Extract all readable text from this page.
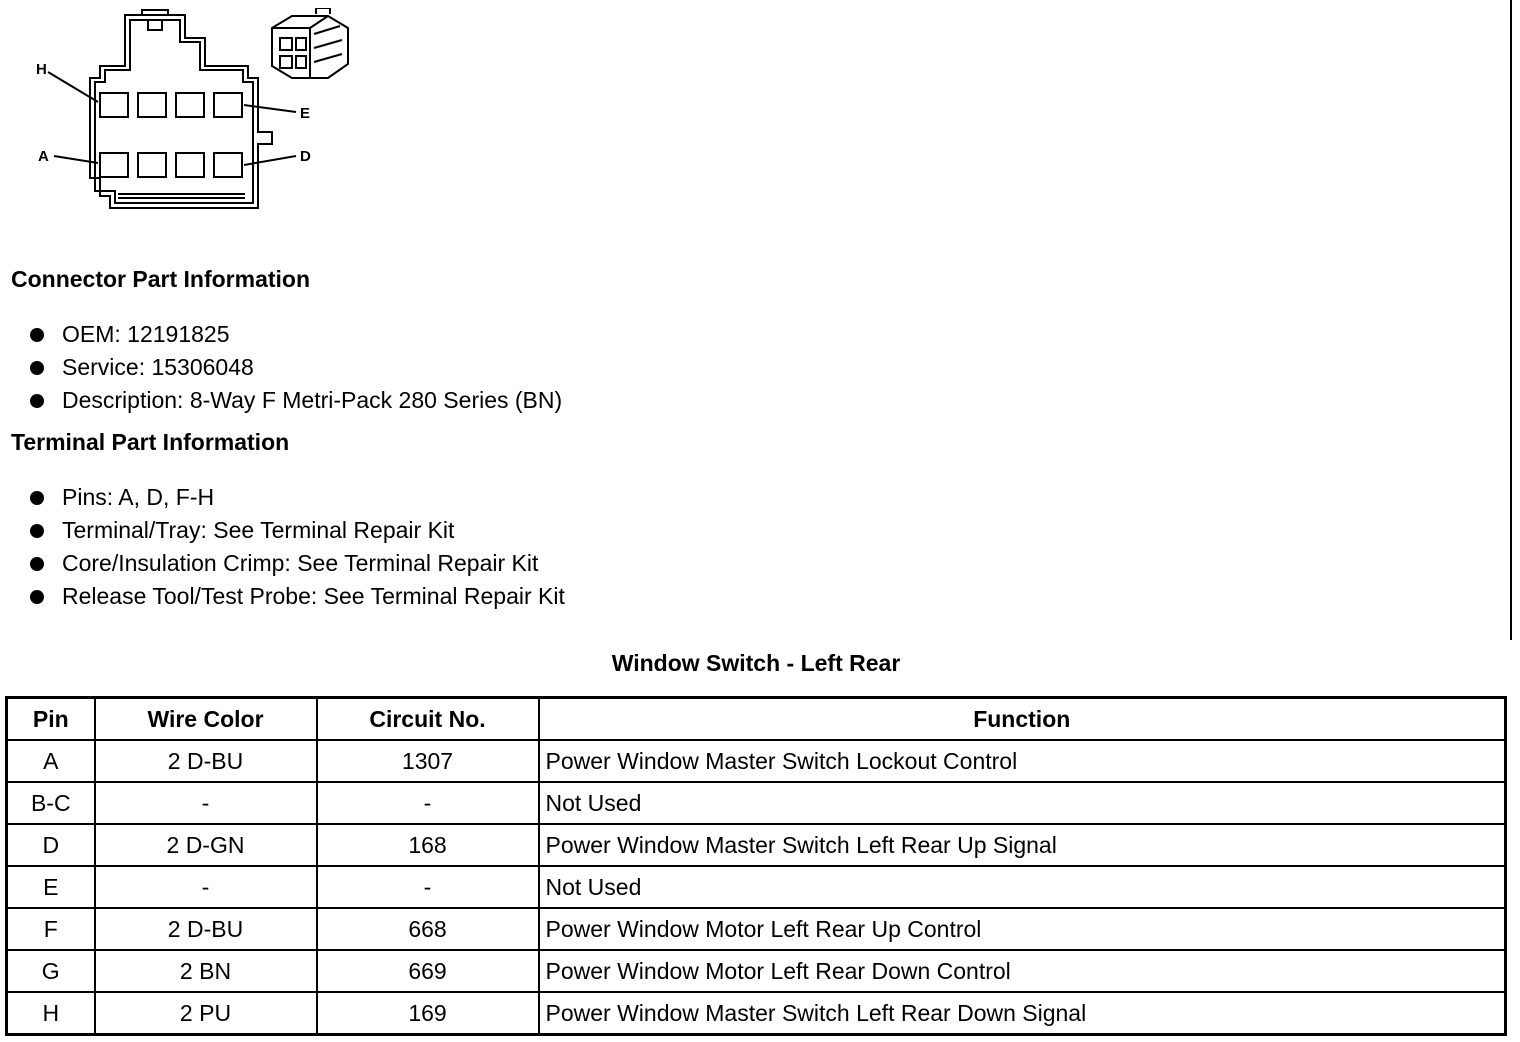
H
E
A	D
Connector Part Information
OEM: 12191825
Service: 15306048
Description: 8-Way F Metri-Pack 280 Series (BN)
Terminal Part Information
Pins: A, D, F-H
Terminal/Tray: See Terminal Repair Kit
Core/Insulation Crimp: See Terminal Repair Kit
Release Tool/Test Probe: See Terminal Repair Kit
Window Switch - Left Rear
Pin	Wire Color	Circuit No.	Function
A	2 D-BU	1307	Power Window Master Switch Lockout Control
B-C	-	-	Not Used
D	2 D-GN	168	Power Window Master Switch Left Rear Up Signal
E	-	-	Not Used
F	2 D-BU	668	Power Window Motor Left Rear Up Control
G	2 BN	669	Power Window Motor Left Rear Down Control
H	2 PU	169	Power Window Master Switch Left Rear Down Signal
